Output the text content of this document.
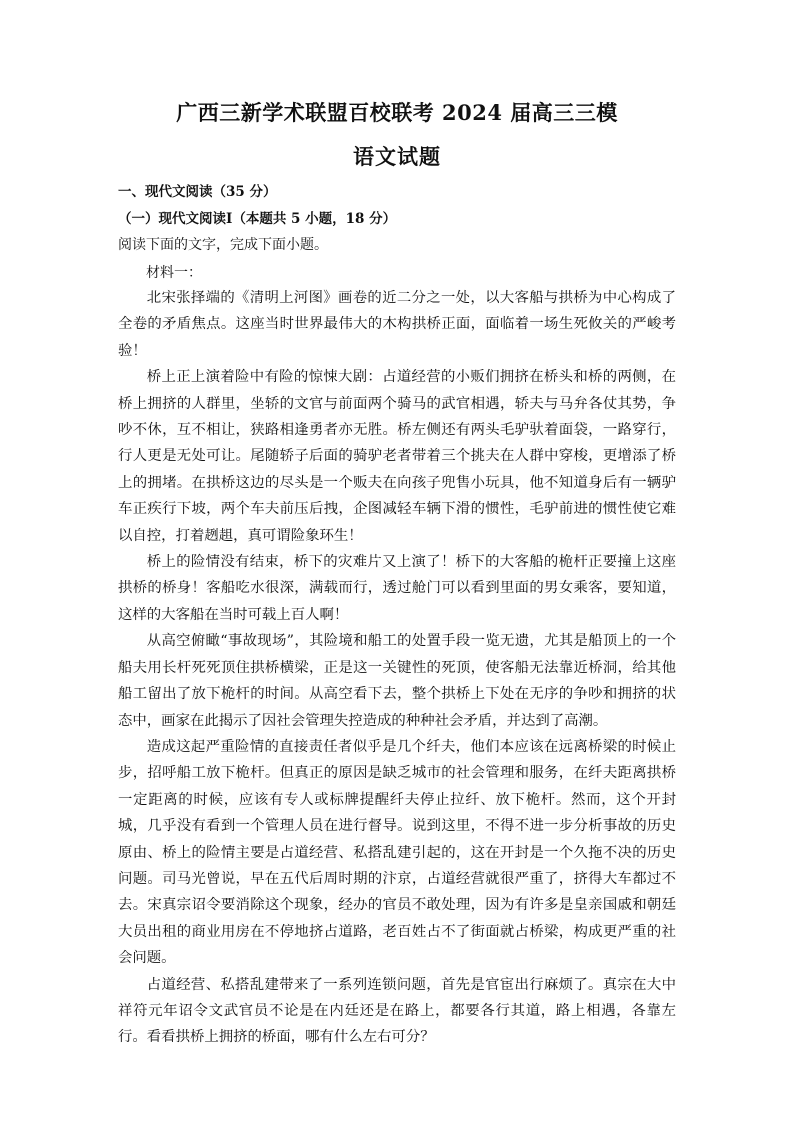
广西三新学术联盟百校联考 2024 届高三三模
语文试题
一、现代文阅读（35 分）
（一）现代文阅读Ⅰ（本题共 5 小题，18 分）
阅读下面的文字，完成下面小题。
材料一：

北宋张择端的《清明上河图》画卷的近二分之一处，以大客船与拱桥为中心构成了全卷的矛盾焦点。这座当时世界最伟大的木构拱桥正面，面临着一场生死攸关的严峻考验！

桥上正上演着险中有险的惊悚大剧：占道经营的小贩们拥挤在桥头和桥的两侧，在桥上拥挤的人群里，坐轿的文官与前面两个骑马的武官相遇，轿夫与马弁各仗其势，争吵不休，互不相让，狭路相逢勇者亦无胜。桥左侧还有两头毛驴驮着面袋，一路穿行，行人更是无处可让。尾随轿子后面的骑驴老者带着三个挑夫在人群中穿梭，更增添了桥上的拥堵。在拱桥这边的尽头是一个贩夫在向孩子兜售小玩具，他不知道身后有一辆驴车正疾行下坡，两个车夫前压后拽，企图减轻车辆下滑的惯性，毛驴前进的惯性使它难以自控，打着趔趄，真可谓险象环生！

桥上的险情没有结束，桥下的灾难片又上演了！桥下的大客船的桅杆正要撞上这座拱桥的桥身！客船吃水很深，满载而行，透过舱门可以看到里面的男女乘客，要知道，这样的大客船在当时可载上百人啊！

从高空俯瞰“事故现场”，其险境和船工的处置手段一览无遗，尤其是船顶上的一个船夫用长杆死死顶住拱桥横梁，正是这一关键性的死顶，使客船无法靠近桥洞，给其他船工留出了放下桅杆的时间。从高空看下去，整个拱桥上下处在无序的争吵和拥挤的状态中，画家在此揭示了因社会管理失控造成的种种社会矛盾，并达到了高潮。

造成这起严重险情的直接责任者似乎是几个纤夫，他们本应该在远离桥梁的时候止步，招呼船工放下桅杆。但真正的原因是缺乏城市的社会管理和服务，在纤夫距离拱桥一定距离的时候，应该有专人或标牌提醒纤夫停止拉纤、放下桅杆。然而，这个开封城，几乎没有看到一个管理人员在进行督导。说到这里，不得不进一步分析事故的历史原由、桥上的险情主要是占道经营、私搭乱建引起的，这在开封是一个久拖不决的历史问题。司马光曾说，早在五代后周时期的汴京，占道经营就很严重了，挤得大车都过不去。宋真宗诏令要消除这个现象，经办的官员不敢处理，因为有许多是皇亲国戚和朝廷大员出租的商业用房在不停地挤占道路，老百姓占不了街面就占桥梁，构成更严重的社会问题。

占道经营、私搭乱建带来了一系列连锁问题，首先是官宦出行麻烦了。真宗在大中祥符元年诏令文武官员不论是在内廷还是在路上，都要各行其道，路上相遇，各靠左行。看看拱桥上拥挤的桥面，哪有什么左右可分？
